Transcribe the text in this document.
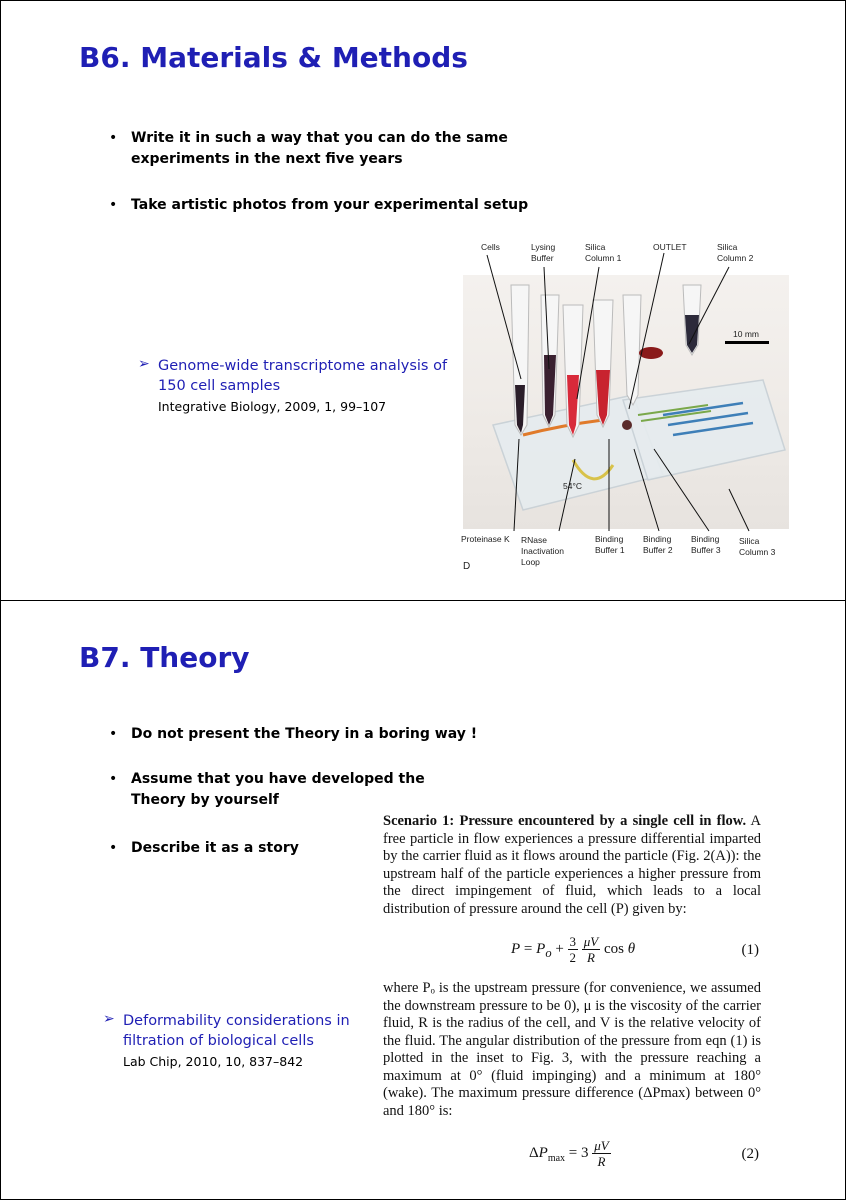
B6. Materials & Methods
• Write it in such a way that you can do the same experiments in the next five years
• Take artistic photos from your experimental setup
➢ Genome-wide transcriptome analysis of 150 cell samples
Integrative Biology, 2009, 1, 99–107
Cells	Lysing Buffer
Silica Column 1
OUTLET	Silica Column 2
10 mm
54°C
Proteinase K RNase Inactivation Loop
Binding Buffer 1
Binding Buffer 2
Binding Buffer 3
Silica Column 3
D
B7. Theory
• Do not present the Theory in a boring way !
• Assume that you have developed the Theory by yourself
• Describe it as a story
➢ Deformability considerations in filtration of biological cells
Lab Chip, 2010, 10, 837–842

Scenario 1: Pressure encountered by a single cell in flow. A free particle in flow experiences a pressure differential imparted by the carrier fluid as it flows around the particle (Fig. 2(A)): the upstream half of the particle experiences a higher pressure from the direct impingement of fluid, which leads to a local distribution of pressure around the cell (P) given by:

$P = P_o + \frac{3}{2}$
$\frac{\mu V}{R}$ cos θ	(1)

where Pₒ is the upstream pressure (for convenience, we assumed the downstream pressure to be 0), μ is the viscosity of the carrier fluid, R is the radius of the cell, and V is the relative velocity of the fluid. The angular distribution of the pressure from eqn (1) is plotted in the inset to Fig. 3, with the pressure reaching a maximum at 0° (fluid impinging) and a minimum at 180° (wake). The maximum pressure difference (ΔPmax) between 0° and 180° is:

$\Delta P_{max} = 3 \frac{\mu V}{R}$	(2)
